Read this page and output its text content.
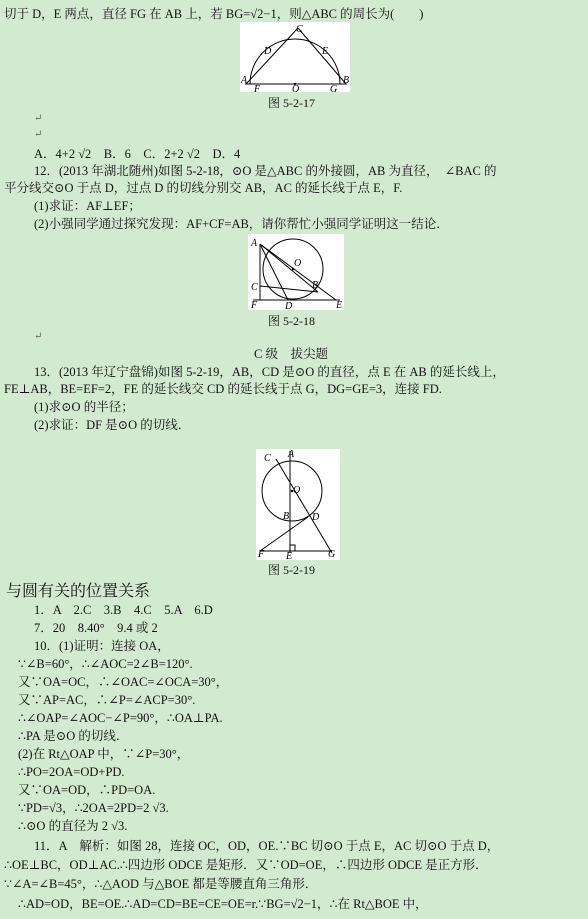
切于 D，E 两点，直径 FG 在 AB 上，若 BG=√2−1，则△ABC 的周长为(　　)
C
D	E
A
F	O	G
B
图 5-2-17
↵
↵
A．4+2 √2　B．6　C．2+2 √2　D．4
12．(2013 年湖北随州)如图 5-2-18，⊙O 是△ABC 的外接圆，AB 为直径，　∠BAC 的
平分线交⊙O 于点 D，过点 D 的切线分别交 AB，AC 的延长线于点 E，F.
(1)求证：AF⊥EF；
(2)小强同学通过探究发现：AF+CF=AB，请你帮忙小强同学证明这一结论．
A
O
C	B
F	D	E
图 5-2-18
↵
C 级　拔尖题
13．(2013 年辽宁盘锦)如图 5-2-19，AB，CD 是⊙O 的直径，点 E 在 AB 的延长线上，
FE⊥AB，BE=EF=2，FE 的延长线交 CD 的延长线于点 G，DG=GE=3，连接 FD.
(1)求⊙O 的半径；
(2)求证：DF 是⊙O 的切线．
C A
O
B D
F E	G
图 5-2-19
与圆有关的位置关系
1．A　2.C　3.B　4.C　5.A　6.D
7．20　8.40°　9.4 或 2
10．(1)证明：连接 OA，
∵∠B=60°，∴∠AOC=2∠B=120°.
又∵OA=OC，∴∠OAC=∠OCA=30°，
又∵AP=AC，∴∠P=∠ACP=30°.
∴∠OAP=∠AOC−∠P=90°，∴OA⊥PA.
∴PA 是⊙O 的切线．
(2)在 Rt△OAP 中，∵∠P=30°，
∴PO=2OA=OD+PD.
又∵OA=OD，∴PD=OA.
∵PD=√3，∴2OA=2PD=2 √3.
∴⊙O 的直径为 2 √3.
11．A　解析：如图 28，连接 OC，OD，OE.∵BC 切⊙O 于点 E，AC 切⊙O 于点 D，
∴OE⊥BC，OD⊥AC.∴四边形 ODCE 是矩形．又∵OD=OE，∴四边形 ODCE 是正方形．
∵∠A=∠B=45°，∴△AOD 与△BOE 都是等腰直角三角形．
∴AD=OD，BE=OE.∴AD=CD=BE=CE=OE=r.∵BG=√2−1，∴在 Rt△BOE 中，
